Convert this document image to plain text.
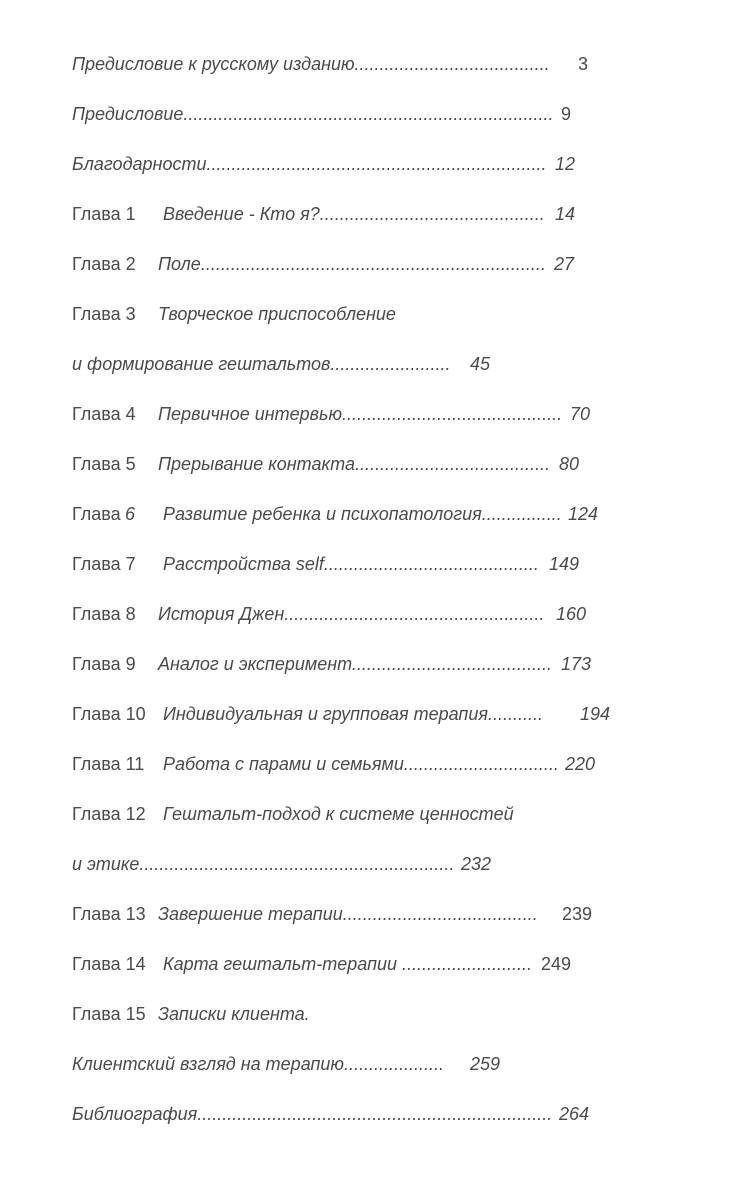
Предисловие к русскому изданию....................................... 3
Предисловие.......................................................................... 9
Благодарности.................................................................... 12
Глава 1 Введение - Кто я?............................................. 14
Глава 2 Поле..................................................................... 27
Глава 3 Творческое приспособление
и формирование гештальтов........................ 45
Глава 4 Первичное интервью............................................ 70
Глава 5 Прерывание контакта....................................... 80
Глава 6 Развитие ребенка и психопатология................ 124
Глава 7 Расстройства self........................................... 149
Глава 8 История Джен.................................................... 160
Глава 9 Аналог и эксперимент........................................ 173
Глава 10 Индивидуальная и групповая терапия........... 194
Глава 11 Работа с парами и семьями............................... 220
Глава 12 Гештальт-подход к системе ценностей
и этике............................................................... 232
Глава 13 Завершение терапии....................................... 239
Глава 14 Карта гештальт-терапии .......................... 249
Глава 15 Записки клиента.
Клиентский взгляд на терапию.................... 259
Библиография....................................................................... 264
